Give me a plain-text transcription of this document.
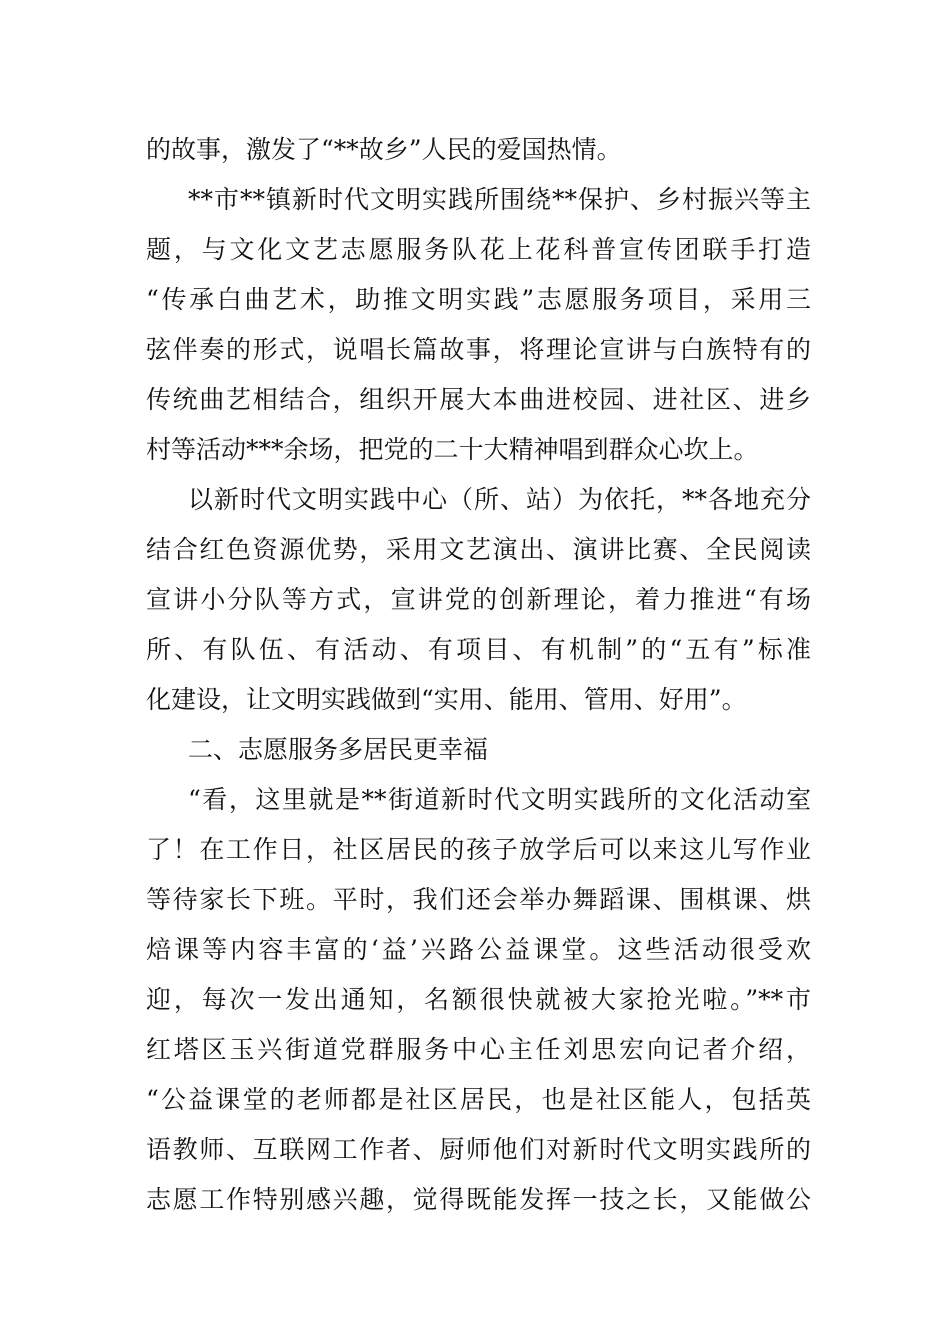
的故事，激发了“**故乡”人民的爱国热情。
**市**镇新时代文明实践所围绕**保护、乡村振兴等主
题，与文化文艺志愿服务队花上花科普宣传团联手打造
“传承白曲艺术，助推文明实践”志愿服务项目，采用三
弦伴奏的形式，说唱长篇故事，将理论宣讲与白族特有的
传统曲艺相结合，组织开展大本曲进校园、进社区、进乡
村等活动***余场，把党的二十大精神唱到群众心坎上。
以新时代文明实践中心（所、站）为依托，**各地充分
结合红色资源优势，采用文艺演出、演讲比赛、全民阅读
宣讲小分队等方式，宣讲党的创新理论，着力推进“有场
所、有队伍、有活动、有项目、有机制”的“五有”标准
化建设，让文明实践做到“实用、能用、管用、好用”。
二、志愿服务多居民更幸福
“看，这里就是**街道新时代文明实践所的文化活动室
了！在工作日，社区居民的孩子放学后可以来这儿写作业
等待家长下班。平时，我们还会举办舞蹈课、围棋课、烘
焙课等内容丰富的‘益’兴路公益课堂。这些活动很受欢
迎，每次一发出通知，名额很快就被大家抢光啦。”**市
红塔区玉兴街道党群服务中心主任刘思宏向记者介绍，
“公益课堂的老师都是社区居民，也是社区能人，包括英
语教师、互联网工作者、厨师他们对新时代文明实践所的
志愿工作特别感兴趣，觉得既能发挥一技之长，又能做公
